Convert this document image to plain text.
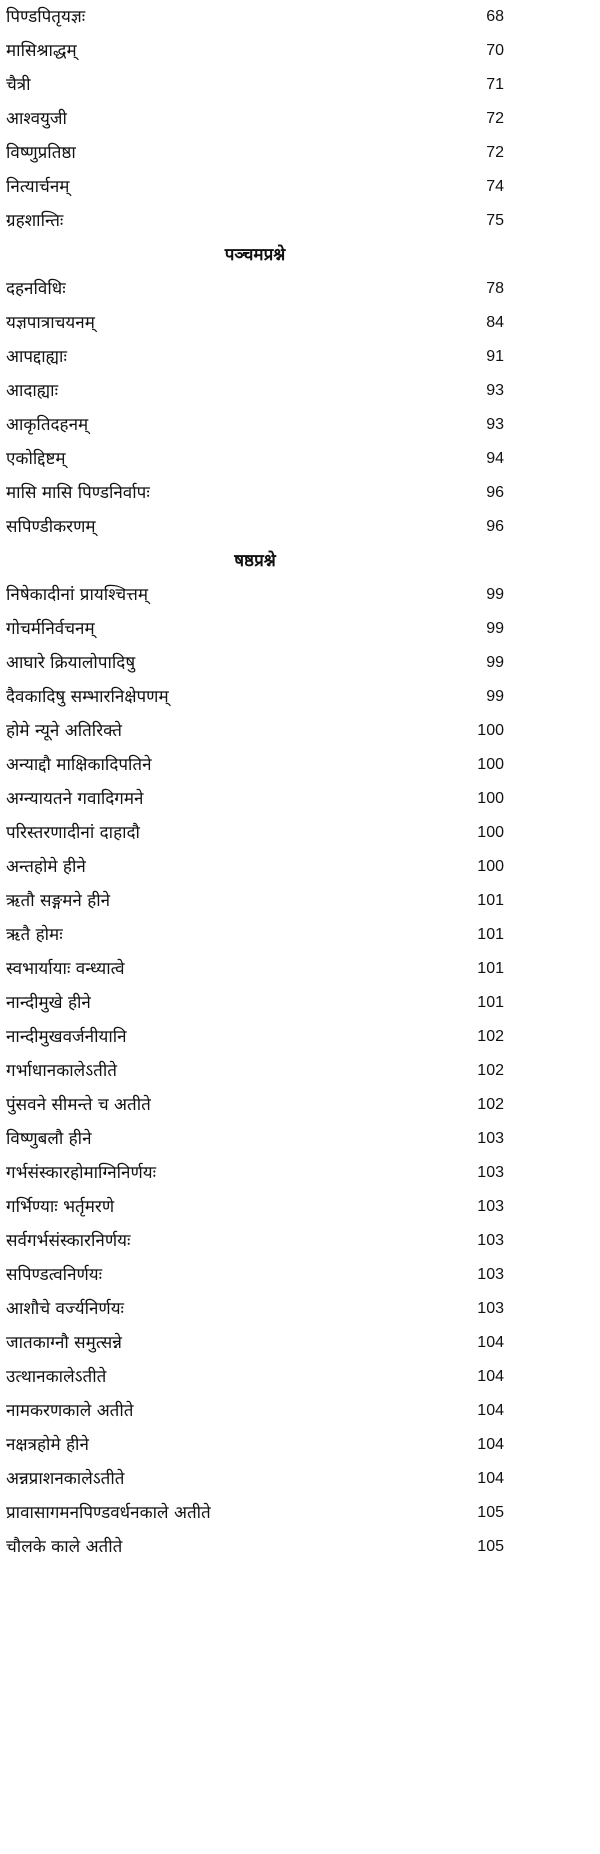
पिण्डपितृयज्ञः	68
मासिश्राद्धम्	70
चैत्री	71
आश्वयुजी	72
विष्णुप्रतिष्ठा	72
नित्यार्चनम्	74
ग्रहशान्तिः	75
पञ्चमप्रश्ने
दहनविधिः	78
यज्ञपात्राचयनम्	84
आपद्दाह्याः	91
आदाह्याः	93
आकृतिदहनम्	93
एकोद्दिष्टम्	94
मासि मासि पिण्डनिर्वापः	96
सपिण्डीकरणम्	96
षष्ठप्रश्ने
निषेकादीनां प्रायश्चित्तम्	99
गोचर्मनिर्वचनम्	99
आघारे क्रियालोपादिषु	99
दैवकादिषु सम्भारनिक्षेपणम्	99
होमे न्यूने अतिरिक्ते	100
अन्याद्दौ माक्षिकादिपतिने	100
अग्न्यायतने गवादिगमने	100
परिस्तरणादीनां दाहादौ	100
अन्तहोमे हीने	100
ऋतौ सङ्गमने हीने	101
ऋतै होमः	101
स्वभार्यायाः वन्ध्यात्वे	101
नान्दीमुखे हीने	101
नान्दीमुखवर्जनीयानि	102
गर्भाधानकालेऽतीते	102
पुंसवने सीमन्ते च अतीते	102
विष्णुबलौ हीने	103
गर्भसंस्कारहोमाग्निनिर्णयः	103
गर्भिण्याः भर्तृमरणे	103
सर्वगर्भसंस्कारनिर्णयः	103
सपिण्डत्वनिर्णयः	103
आशौचे वर्ज्यनिर्णयः	103
जातकाग्नौ समुत्सन्ने	104
उत्थानकालेऽतीते	104
नामकरणकाले अतीते	104
नक्षत्रहोमे हीने	104
अन्नप्राशनकालेऽतीते	104
प्रावासागमनपिण्डवर्धनकाले अतीते	105
चौलके काले अतीते	105
